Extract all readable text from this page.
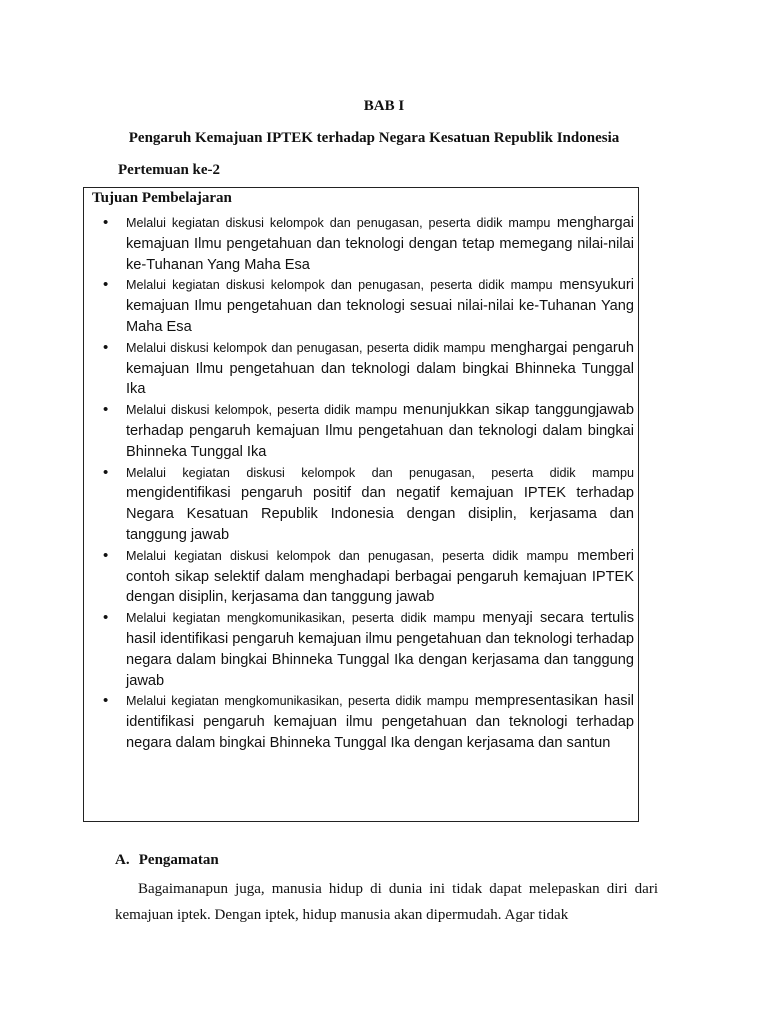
BAB I
Pengaruh Kemajuan IPTEK terhadap Negara Kesatuan Republik Indonesia
Pertemuan ke-2
Tujuan Pembelajaran
• Melalui kegiatan diskusi kelompok dan penugasan, peserta didik mampu menghargai kemajuan Ilmu pengetahuan dan teknologi dengan tetap memegang nilai-nilai ke-Tuhanan Yang Maha Esa
• Melalui kegiatan diskusi kelompok dan penugasan, peserta didik mampu mensyukuri kemajuan Ilmu pengetahuan dan teknologi sesuai nilai-nilai ke-Tuhanan Yang Maha Esa
• Melalui diskusi kelompok dan penugasan, peserta didik mampu menghargai pengaruh kemajuan Ilmu pengetahuan dan teknologi dalam bingkai Bhinneka Tunggal Ika
• Melalui diskusi kelompok, peserta didik mampu menunjukkan sikap tanggungjawab terhadap pengaruh kemajuan Ilmu pengetahuan dan teknologi dalam bingkai Bhinneka Tunggal Ika
• Melalui kegiatan diskusi kelompok dan penugasan, peserta didik mampu mengidentifikasi pengaruh positif dan negatif kemajuan IPTEK terhadap Negara Kesatuan Republik Indonesia dengan disiplin, kerjasama dan tanggung jawab
• Melalui kegiatan diskusi kelompok dan penugasan, peserta didik mampu memberi contoh sikap selektif dalam menghadapi berbagai pengaruh kemajuan IPTEK dengan disiplin, kerjasama dan tanggung jawab
• Melalui kegiatan mengkomunikasikan, peserta didik mampu menyaji secara tertulis hasil identifikasi pengaruh kemajuan ilmu pengetahuan dan teknologi terhadap negara dalam bingkai Bhinneka Tunggal Ika dengan kerjasama dan tanggung jawab
• Melalui kegiatan mengkomunikasikan, peserta didik mampu mempresentasikan hasil identifikasi pengaruh kemajuan ilmu pengetahuan dan teknologi terhadap negara dalam bingkai Bhinneka Tunggal Ika dengan kerjasama dan santun
A. Pengamatan

Bagaimanapun juga, manusia hidup di dunia ini tidak dapat melepaskan diri dari kemajuan iptek. Dengan iptek, hidup manusia akan dipermudah. Agar tidak
